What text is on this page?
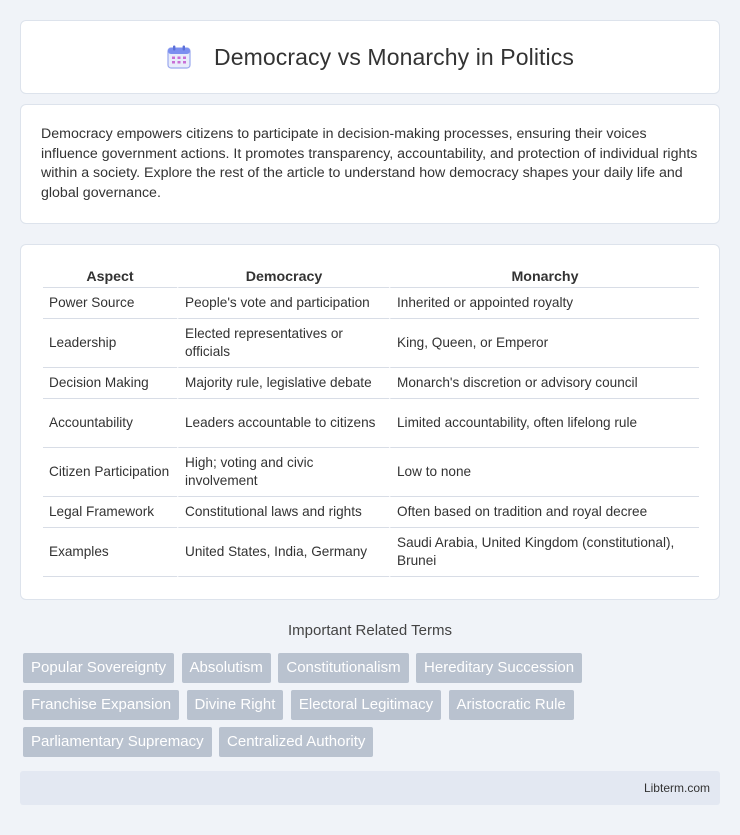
Democracy vs Monarchy in Politics

Democracy empowers citizens to participate in decision-making processes, ensuring their voices influence government actions. It promotes transparency, accountability, and protection of individual rights within a society. Explore the rest of the article to understand how democracy shapes your daily life and global governance.

Aspect	Democracy	Monarchy
Power Source	People's vote and participation	Inherited or appointed royalty
Leadership	Elected representatives or officials	King, Queen, or Emperor
Decision Making	Majority rule, legislative debate	Monarch's discretion or advisory council
Accountability	Leaders accountable to citizens	Limited accountability, often lifelong rule
Citizen Participation	High; voting and civic involvement	Low to none
Legal Framework	Constitutional laws and rights	Often based on tradition and royal decree
Examples	United States, India, Germany	Saudi Arabia, United Kingdom (constitutional), Brunei
Important Related Terms
Popular Sovereignty Absolutism Constitutionalism Hereditary Succession Franchise Expansion Divine Right Electoral Legitimacy Aristocratic Rule Parliamentary Supremacy Centralized Authority
Libterm.com
